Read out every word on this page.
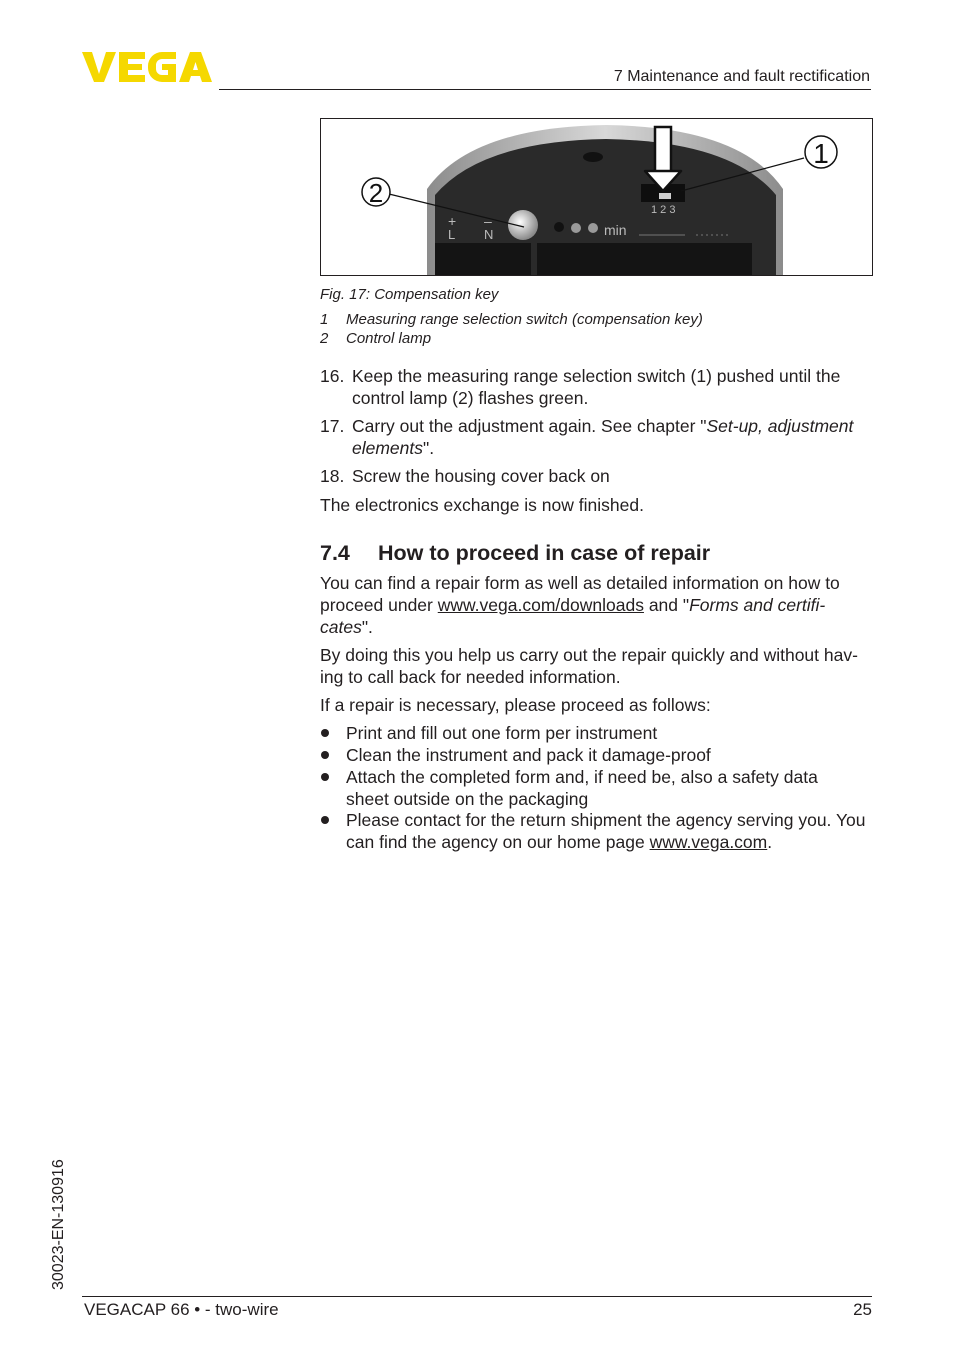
7 Maintenance and fault rectification
1 2 3
+ –
L N	min
2
1
Fig. 17: Compensation key
1 Measuring range selection switch (compensation key)
2 Control lamp
16. Keep the measuring range selection switch (1) pushed until the
control lamp (2) flashes green.
17. Carry out the adjustment again. See chapter "Set-up, adjustment
elements".
18. Screw the housing cover back on
The electronics exchange is now finished.
7.4 How to proceed in case of repair
You can find a repair form as well as detailed information on how to
proceed under www.vega.com/downloads and "Forms and certifi-
cates".
By doing this you help us carry out the repair quickly and without hav-
ing to call back for needed information.
If a repair is necessary, please proceed as follows:
Print and fill out one form per instrument
Clean the instrument and pack it damage-proof
Attach the completed form and, if need be, also a safety data
sheet outside on the packaging
Please contact for the return shipment the agency serving you. You
can find the agency on our home page www.vega.com.
30023-EN-130916
VEGACAP 66 • - two-wire	25
